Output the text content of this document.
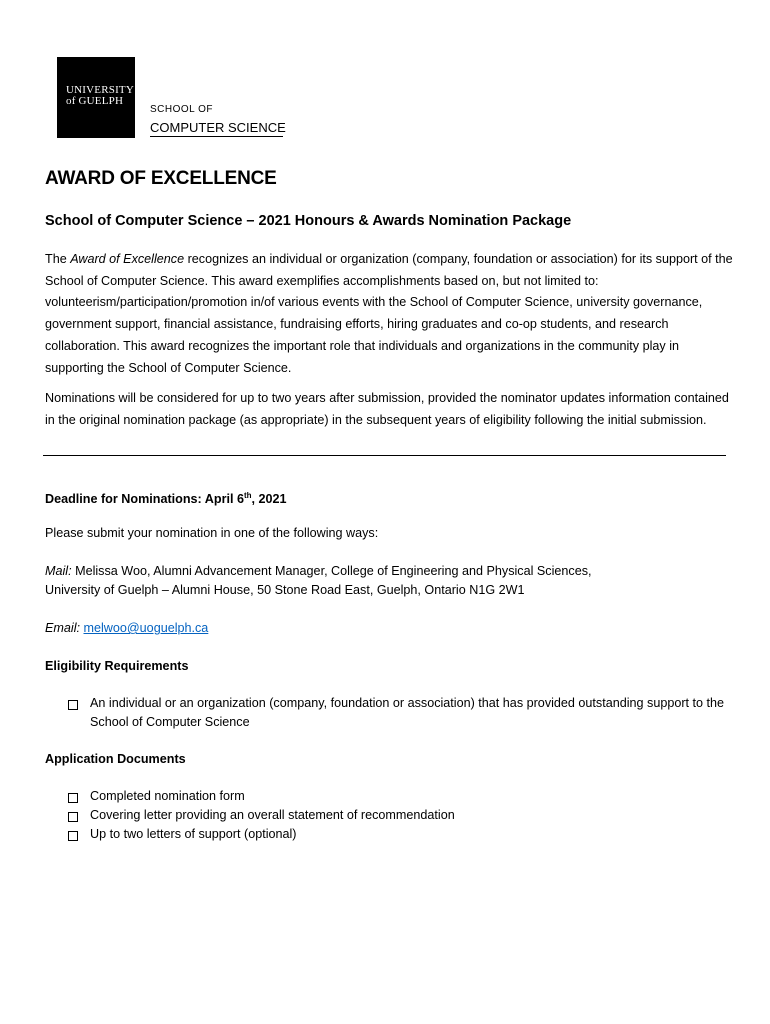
UNIVERSITY
of GUELPH
SCHOOL OF
COMPUTER SCIENCE
AWARD OF EXCELLENCE
School of Computer Science – 2021 Honours & Awards Nomination Package
The Award of Excellence recognizes an individual or organization (company, foundation or association) for its support of the School of Computer Science. This award exemplifies accomplishments based on, but not limited to: volunteerism/participation/promotion in/of various events with the School of Computer Science, university governance, government support, financial assistance, fundraising efforts, hiring graduates and co-op students, and research collaboration. This award recognizes the important role that individuals and organizations in the community play in supporting the School of Computer Science.
Nominations will be considered for up to two years after submission, provided the nominator updates information contained in the original nomination package (as appropriate) in the subsequent years of eligibility following the initial submission.
Deadline for Nominations: April 6th, 2021
Please submit your nomination in one of the following ways:
Mail: Melissa Woo, Alumni Advancement Manager, College of Engineering and Physical Sciences,
University of Guelph – Alumni House, 50 Stone Road East, Guelph, Ontario N1G 2W1
Email: melwoo@uoguelph.ca
Eligibility Requirements
An individual or an organization (company, foundation or association) that has provided outstanding support to the School of Computer Science
Application Documents
Completed nomination form
Covering letter providing an overall statement of recommendation
Up to two letters of support (optional)
